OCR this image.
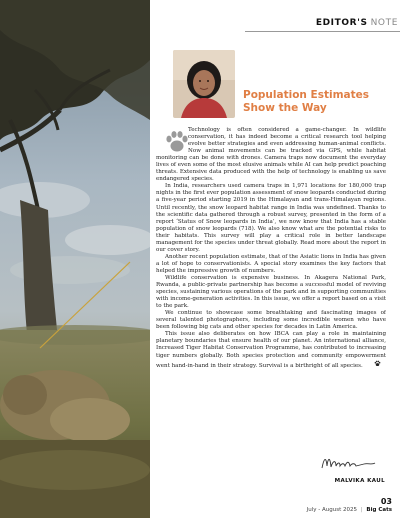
EDITOR'S NOTE
Population Estimates Show the Way

Technology is often considered a game-changer. In wildlife conservation, it has indeed become a critical research tool helping evolve better strategies and even addressing human-animal conflicts. Now animal movements can be tracked via GPS, while habitat monitoring can be done with drones. Camera traps now document the everyday lives of even some of the most elusive animals while AI can help predict poaching threats. Extensive data produced with the help of technology is enabling us save endangered species.

In India, researchers used camera traps in 1,971 locations for 180,000 trap nights in the first ever population assessment of snow leopards conducted during a five-year period starting 2019 in the Himalayan and trans-Himalayan regions. Until recently, the snow leopard habitat range in India was undefined. Thanks to the scientific data gathered through a robust survey, presented in the form of a report ‘Status of Snow leopards in India’, we now know that India has a stable population of snow leopards (718). We also know what are the potential risks to their habitats. This survey will play a critical role in better landscape management for the species under threat globally. Read more about the report in our cover story.

Another recent population estimate, that of the Asiatic lions in India has given a lot of hope to conservationists. A special story examines the key factors that helped the impressive growth of numbers.

Wildlife conservation is expensive business. In Akagera National Park, Rwanda, a public-private partnership has become a successful model of reviving species, sustaining various operations of the park and in supporting communities with income-generation activities. In this issue, we offer a report based on a visit to the park.

We continue to showcase some breathtaking and fascinating images of several talented photographers, including some incredible women who have been following big cats and other species for decades in Latin America.

This issue also deliberates on how IBCA can play a role in maintaining planetary boundaries that ensure health of our planet. An international alliance, Increased Tiger Habitat Conservation Programme, has contributed to increasing tiger numbers globally. Both species protection and community empowerment went hand-in-hand in their strategy. Survival is a birthright of all species.

MALVIKA KAUL
03
July - August 2025 | Big Cats
